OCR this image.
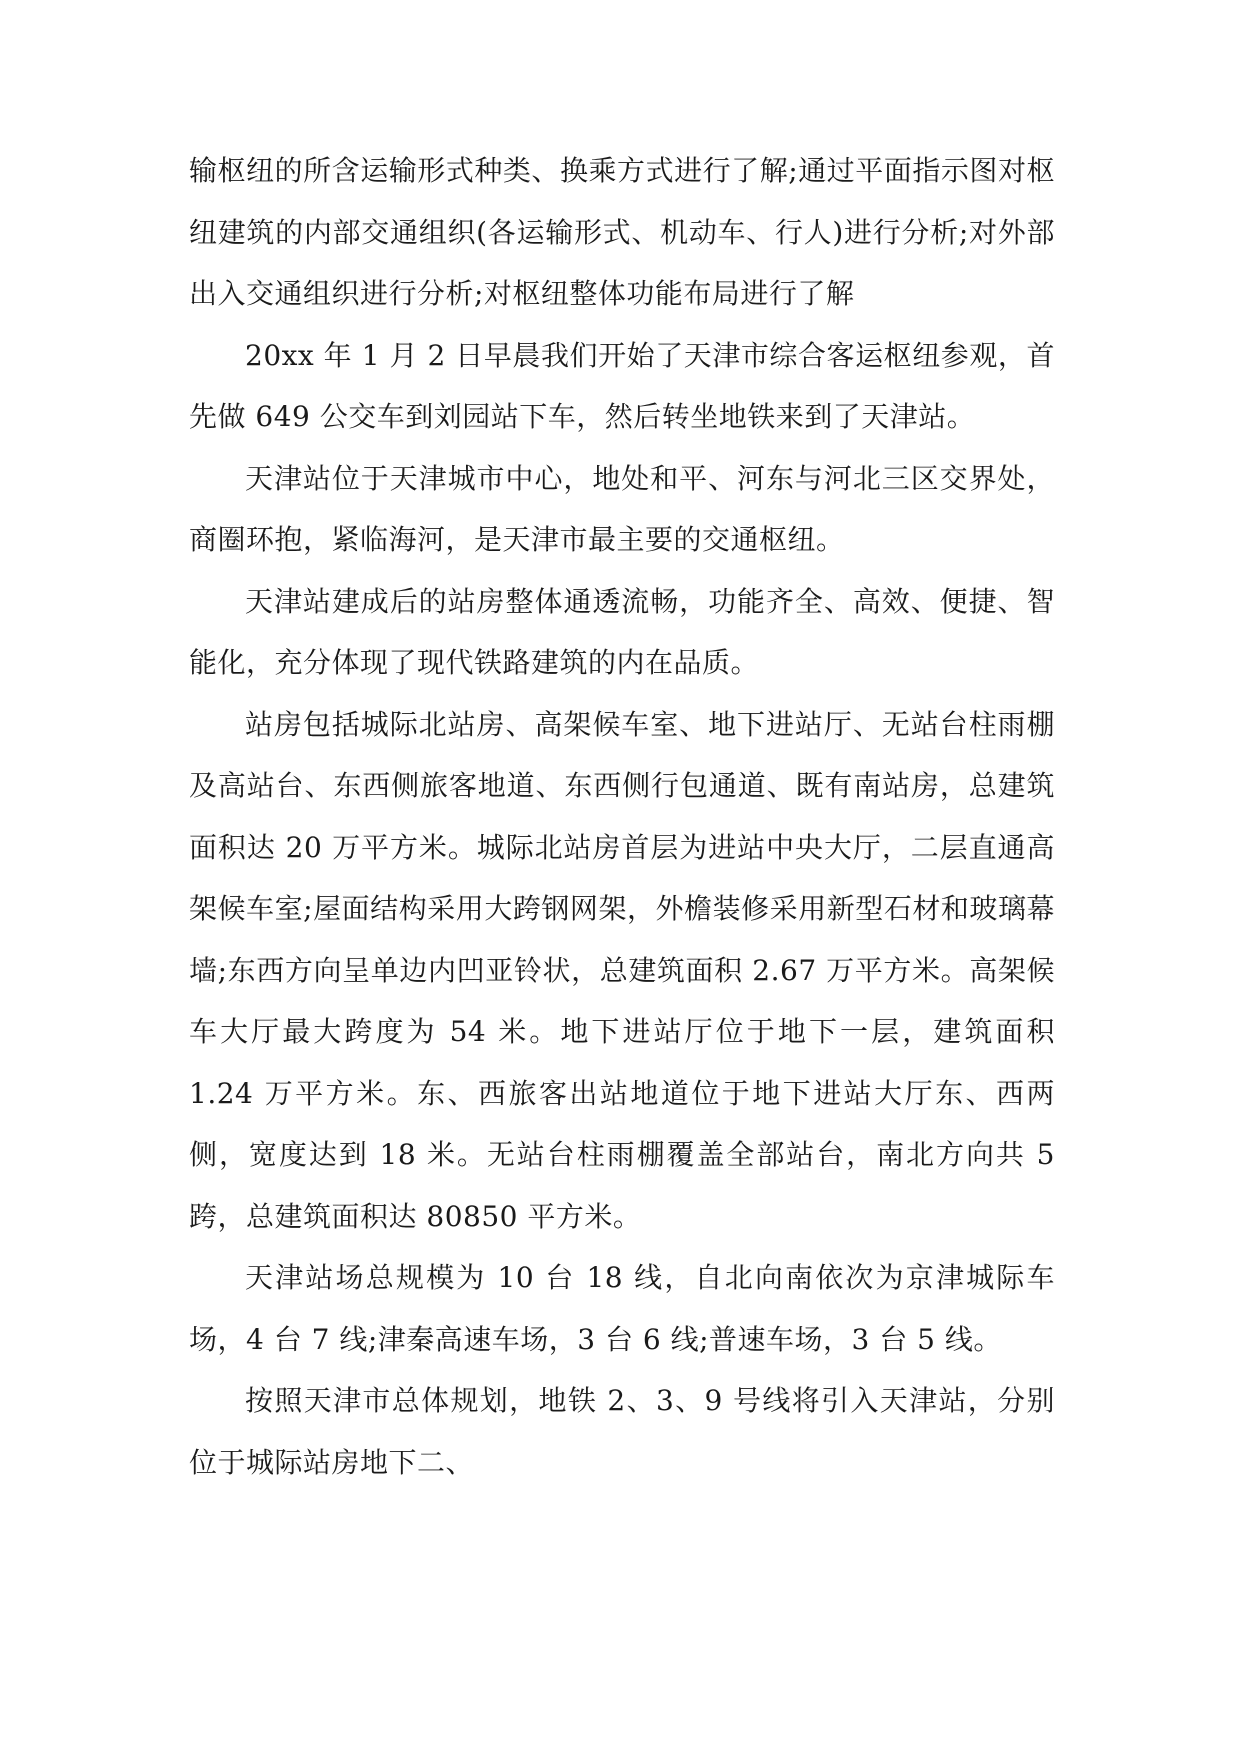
输枢纽的所含运输形式种类、换乘方式进行了解;通过平面指示图对枢纽建筑的内部交通组织(各运输形式、机动车、行人)进行分析;对外部出入交通组织进行分析;对枢纽整体功能布局进行了解

20xx 年 1 月 2 日早晨我们开始了天津市综合客运枢纽参观，首先做 649 公交车到刘园站下车，然后转坐地铁来到了天津站。

天津站位于天津城市中心，地处和平、河东与河北三区交界处，商圈环抱，紧临海河，是天津市最主要的交通枢纽。

天津站建成后的站房整体通透流畅，功能齐全、高效、便捷、智能化，充分体现了现代铁路建筑的内在品质。

站房包括城际北站房、高架候车室、地下进站厅、无站台柱雨棚及高站台、东西侧旅客地道、东西侧行包通道、既有南站房，总建筑面积达 20 万平方米。城际北站房首层为进站中央大厅，二层直通高架候车室;屋面结构采用大跨钢网架，外檐装修采用新型石材和玻璃幕墙;东西方向呈单边内凹亚铃状，总建筑面积 2.67 万平方米。高架候车大厅最大跨度为 54 米。地下进站厅位于地下一层，建筑面积 1.24 万平方米。东、西旅客出站地道位于地下进站大厅东、西两侧，宽度达到 18 米。无站台柱雨棚覆盖全部站台，南北方向共 5 跨，总建筑面积达 80850 平方米。

天津站场总规模为 10 台 18 线，自北向南依次为京津城际车场，4 台 7 线;津秦高速车场，3 台 6 线;普速车场，3 台 5 线。

按照天津市总体规划，地铁 2、3、9 号线将引入天津站，分别位于城际站房地下二、
